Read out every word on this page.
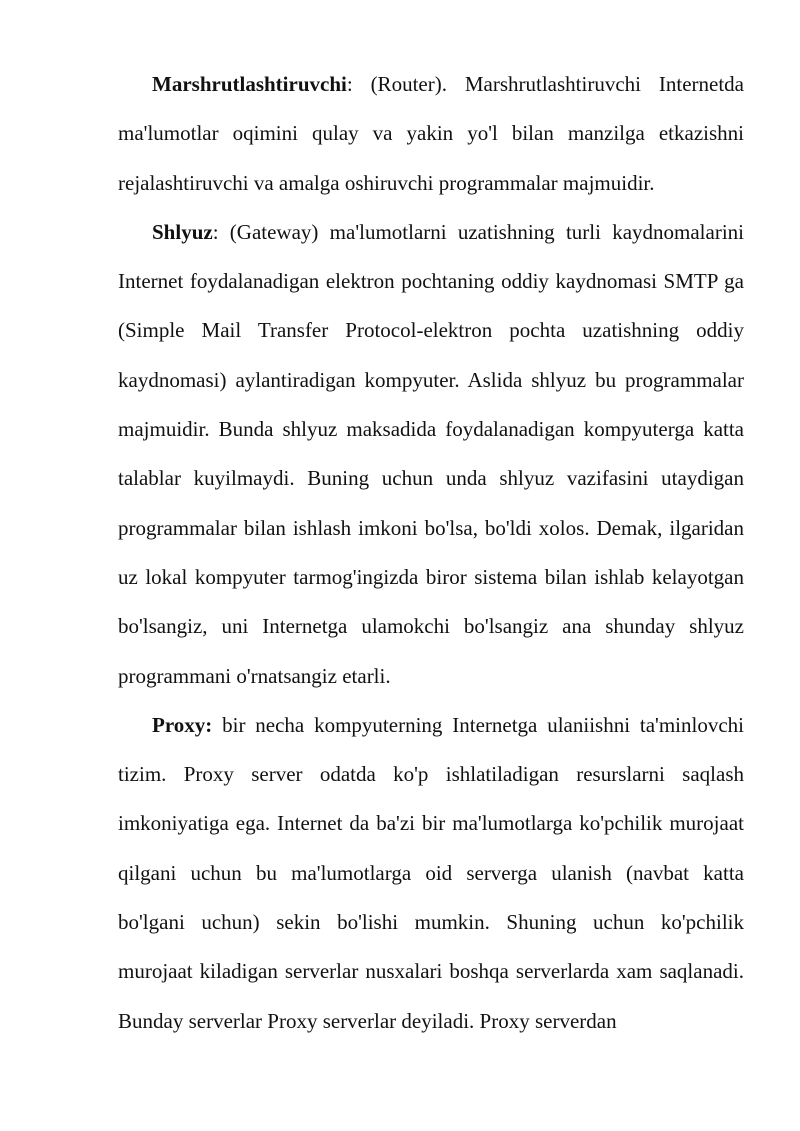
Marshrutlashtiruvchi: (Router). Marshrutlashtiruvchi Internetda ma'lumotlar oqimini qulay va yakin yo'l bilan manzilga etkazishni rejalashtiruvchi va amalga oshiruvchi programmalar majmuidir.

Shlyuz: (Gateway) ma'lumotlarni uzatishning turli kaydnomalarini Internet foydalanadigan elektron pochtaning oddiy kaydnomasi SMTP ga (Simple Mail Transfer Protocol-elektron pochta uzatishning oddiy kaydnomasi) aylantiradigan kompyuter. Aslida shlyuz bu programmalar majmuidir. Bunda shlyuz maksadida foydalanadigan kompyuterga katta talablar kuyilmaydi. Buning uchun unda shlyuz vazifasini utaydigan programmalar bilan ishlash imkoni bo'lsa, bo'ldi xolos. Demak, ilgaridan uz lokal kompyuter tarmog'ingizda biror sistema bilan ishlab kelayotgan bo'lsangiz, uni Internetga ulamokchi bo'lsangiz ana shunday shlyuz programmani o'rnatsangiz etarli.

Proxy: bir necha kompyuterning Internetga ulaniishni ta'minlovchi tizim. Proxy server odatda ko'p ishlatiladigan resurslarni saqlash imkoniyatiga ega. Internet da ba'zi bir ma'lumotlarga ko'pchilik murojaat qilgani uchun bu ma'lumotlarga oid serverga ulanish (navbat katta bo'lgani uchun) sekin bo'lishi mumkin. Shuning uchun ko'pchilik murojaat kiladigan serverlar nusxalari boshqa serverlarda xam saqlanadi. Bunday serverlar Proxy serverlar deyiladi. Proxy serverdan
